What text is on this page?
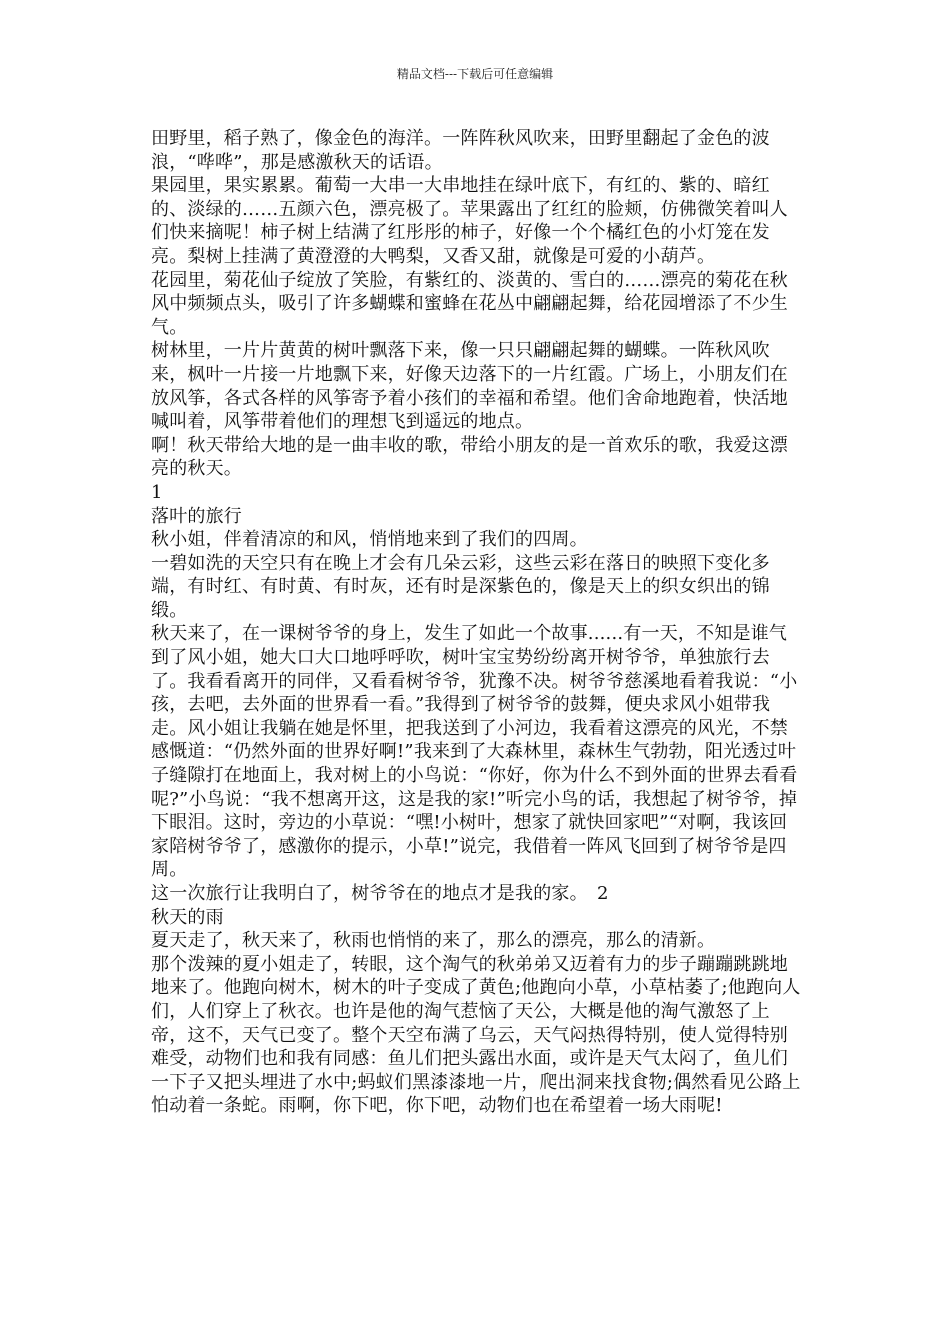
精品文档---下载后可任意编辑

田野里，稻子熟了，像金色的海洋。一阵阵秋风吹来，田野里翻起了金色的波浪，“哗哗”，那是感激秋天的话语。

果园里，果实累累。葡萄一大串一大串地挂在绿叶底下，有红的、紫的、暗红的、淡绿的……五颜六色，漂亮极了。苹果露出了红红的脸颊，仿佛微笑着叫人们快来摘呢！柿子树上结满了红彤彤的柿子，好像一个个橘红色的小灯笼在发亮。梨树上挂满了黄澄澄的大鸭梨，又香又甜，就像是可爱的小葫芦。

花园里，菊花仙子绽放了笑脸，有紫红的、淡黄的、雪白的……漂亮的菊花在秋风中频频点头，吸引了许多蝴蝶和蜜蜂在花丛中翩翩起舞，给花园增添了不少生气。

树林里，一片片黄黄的树叶飘落下来，像一只只翩翩起舞的蝴蝶。一阵秋风吹来，枫叶一片接一片地飘下来，好像天边落下的一片红霞。广场上，小朋友们在放风筝，各式各样的风筝寄予着小孩们的幸福和希望。他们舍命地跑着，快活地喊叫着，风筝带着他们的理想飞到遥远的地点。

啊！秋天带给大地的是一曲丰收的歌，带给小朋友的是一首欢乐的歌，我爱这漂亮的秋天。

1

落叶的旅行

秋小姐，伴着清凉的和风，悄悄地来到了我们的四周。

一碧如洗的天空只有在晚上才会有几朵云彩，这些云彩在落日的映照下变化多端，有时红、有时黄、有时灰，还有时是深紫色的，像是天上的织女织出的锦缎。

秋天来了，在一课树爷爷的身上，发生了如此一个故事......有一天，不知是谁气到了风小姐，她大口大口地呼呼吹，树叶宝宝势纷纷离开树爷爷，单独旅行去了。我看看离开的同伴，又看看树爷爷，犹豫不决。树爷爷慈溪地看着我说：“小孩，去吧，去外面的世界看一看。”我得到了树爷爷的鼓舞，便央求风小姐带我走。风小姐让我躺在她是怀里，把我送到了小河边，我看着这漂亮的风光，不禁感慨道：“仍然外面的世界好啊!”我来到了大森林里，森林生气勃勃，阳光透过叶子缝隙打在地面上，我对树上的小鸟说：“你好，你为什么不到外面的世界去看看呢?”小鸟说：“我不想离开这，这是我的家!”听完小鸟的话，我想起了树爷爷，掉下眼泪。这时，旁边的小草说：“嘿!小树叶，想家了就快回家吧”“对啊，我该回家陪树爷爷了，感激你的提示，小草!”说完，我借着一阵风飞回到了树爷爷是四周。

这一次旅行让我明白了，树爷爷在的地点才是我的家。　2

秋天的雨

夏天走了，秋天来了，秋雨也悄悄的来了，那么的漂亮，那么的清新。

那个泼辣的夏小姐走了，转眼，这个淘气的秋弟弟又迈着有力的步子蹦蹦跳跳地地来了。他跑向树木，树木的叶子变成了黄色;他跑向小草，小草枯萎了;他跑向人们，人们穿上了秋衣。也许是他的淘气惹恼了天公，大概是他的淘气激怒了上帝，这不，天气已变了。整个天空布满了乌云，天气闷热得特别，使人觉得特别难受，动物们也和我有同感：鱼儿们把头露出水面，或许是天气太闷了，鱼儿们一下子又把头埋进了水中;蚂蚁们黑漆漆地一片，爬出洞来找食物;偶然看见公路上怕动着一条蛇。雨啊，你下吧，你下吧，动物们也在希望着一场大雨呢!
